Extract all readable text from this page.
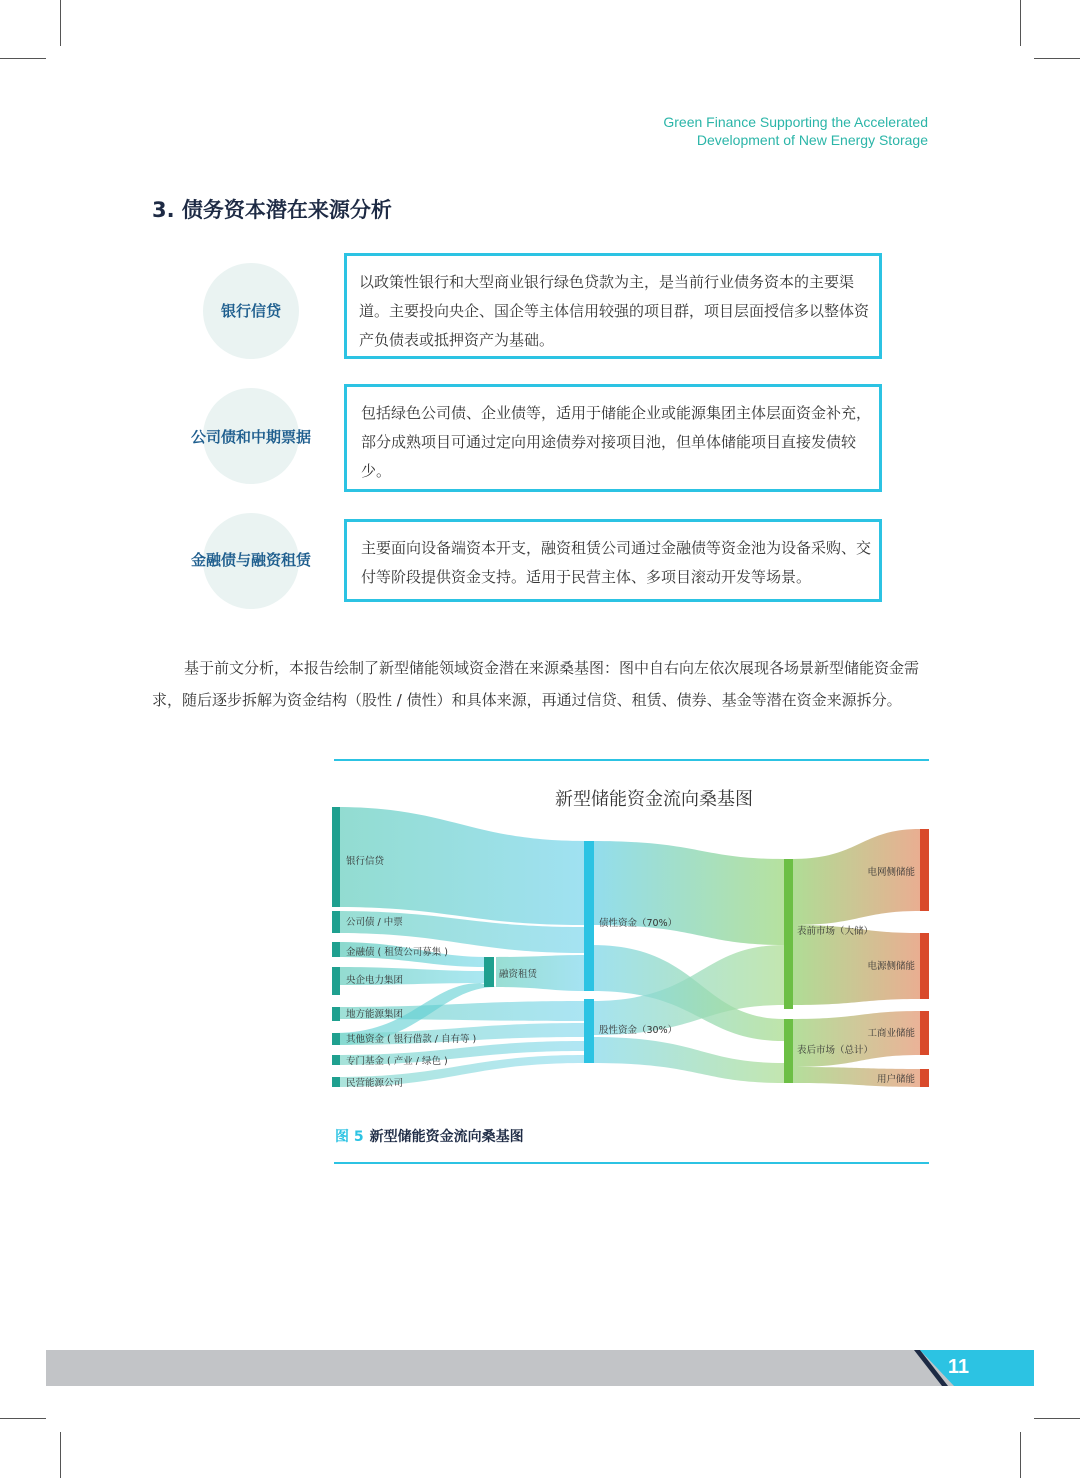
Green Finance Supporting the Accelerated
Development of New Energy Storage
3. 债务资本潜在来源分析
银行信贷
以政策性银行和大型商业银行绿色贷款为主，是当前行业债务资本的主要渠道。主要投向央企、国企等主体信用较强的项目群，项目层面授信多以整体资产负债表或抵押资产为基础。
公司债和中期票据
包括绿色公司债、企业债等，适用于储能企业或能源集团主体层面资金补充，部分成熟项目可通过定向用途债券对接项目池，但单体储能项目直接发债较少。
金融债与融资租赁
主要面向设备端资本开支，融资租赁公司通过金融债等资金池为设备采购、交付等阶段提供资金支持。适用于民营主体、多项目滚动开发等场景。
基于前文分析，本报告绘制了新型储能领域资金潜在来源桑基图：图中自右向左依次展现各场景新型储能资金需求，随后逐步拆解为资金结构（股性 / 债性）和具体来源，再通过信贷、租赁、债券、基金等潜在资金来源拆分。
新型储能资金流向桑基图
银行信贷
公司债 / 中票
金融债 ( 租赁公司募集 )
央企电力集团
地方能源集团
其他资金 ( 银行借款 / 自有等 )
专门基金 ( 产业 / 绿色 )
民营能源公司
融资租赁
债性资金（70%）
股性资金（30%）
表前市场（大储）
表后市场（总计）
电网侧储能
电源侧储能
工商业储能
用户储能
图 5 新型储能资金流向桑基图
11
